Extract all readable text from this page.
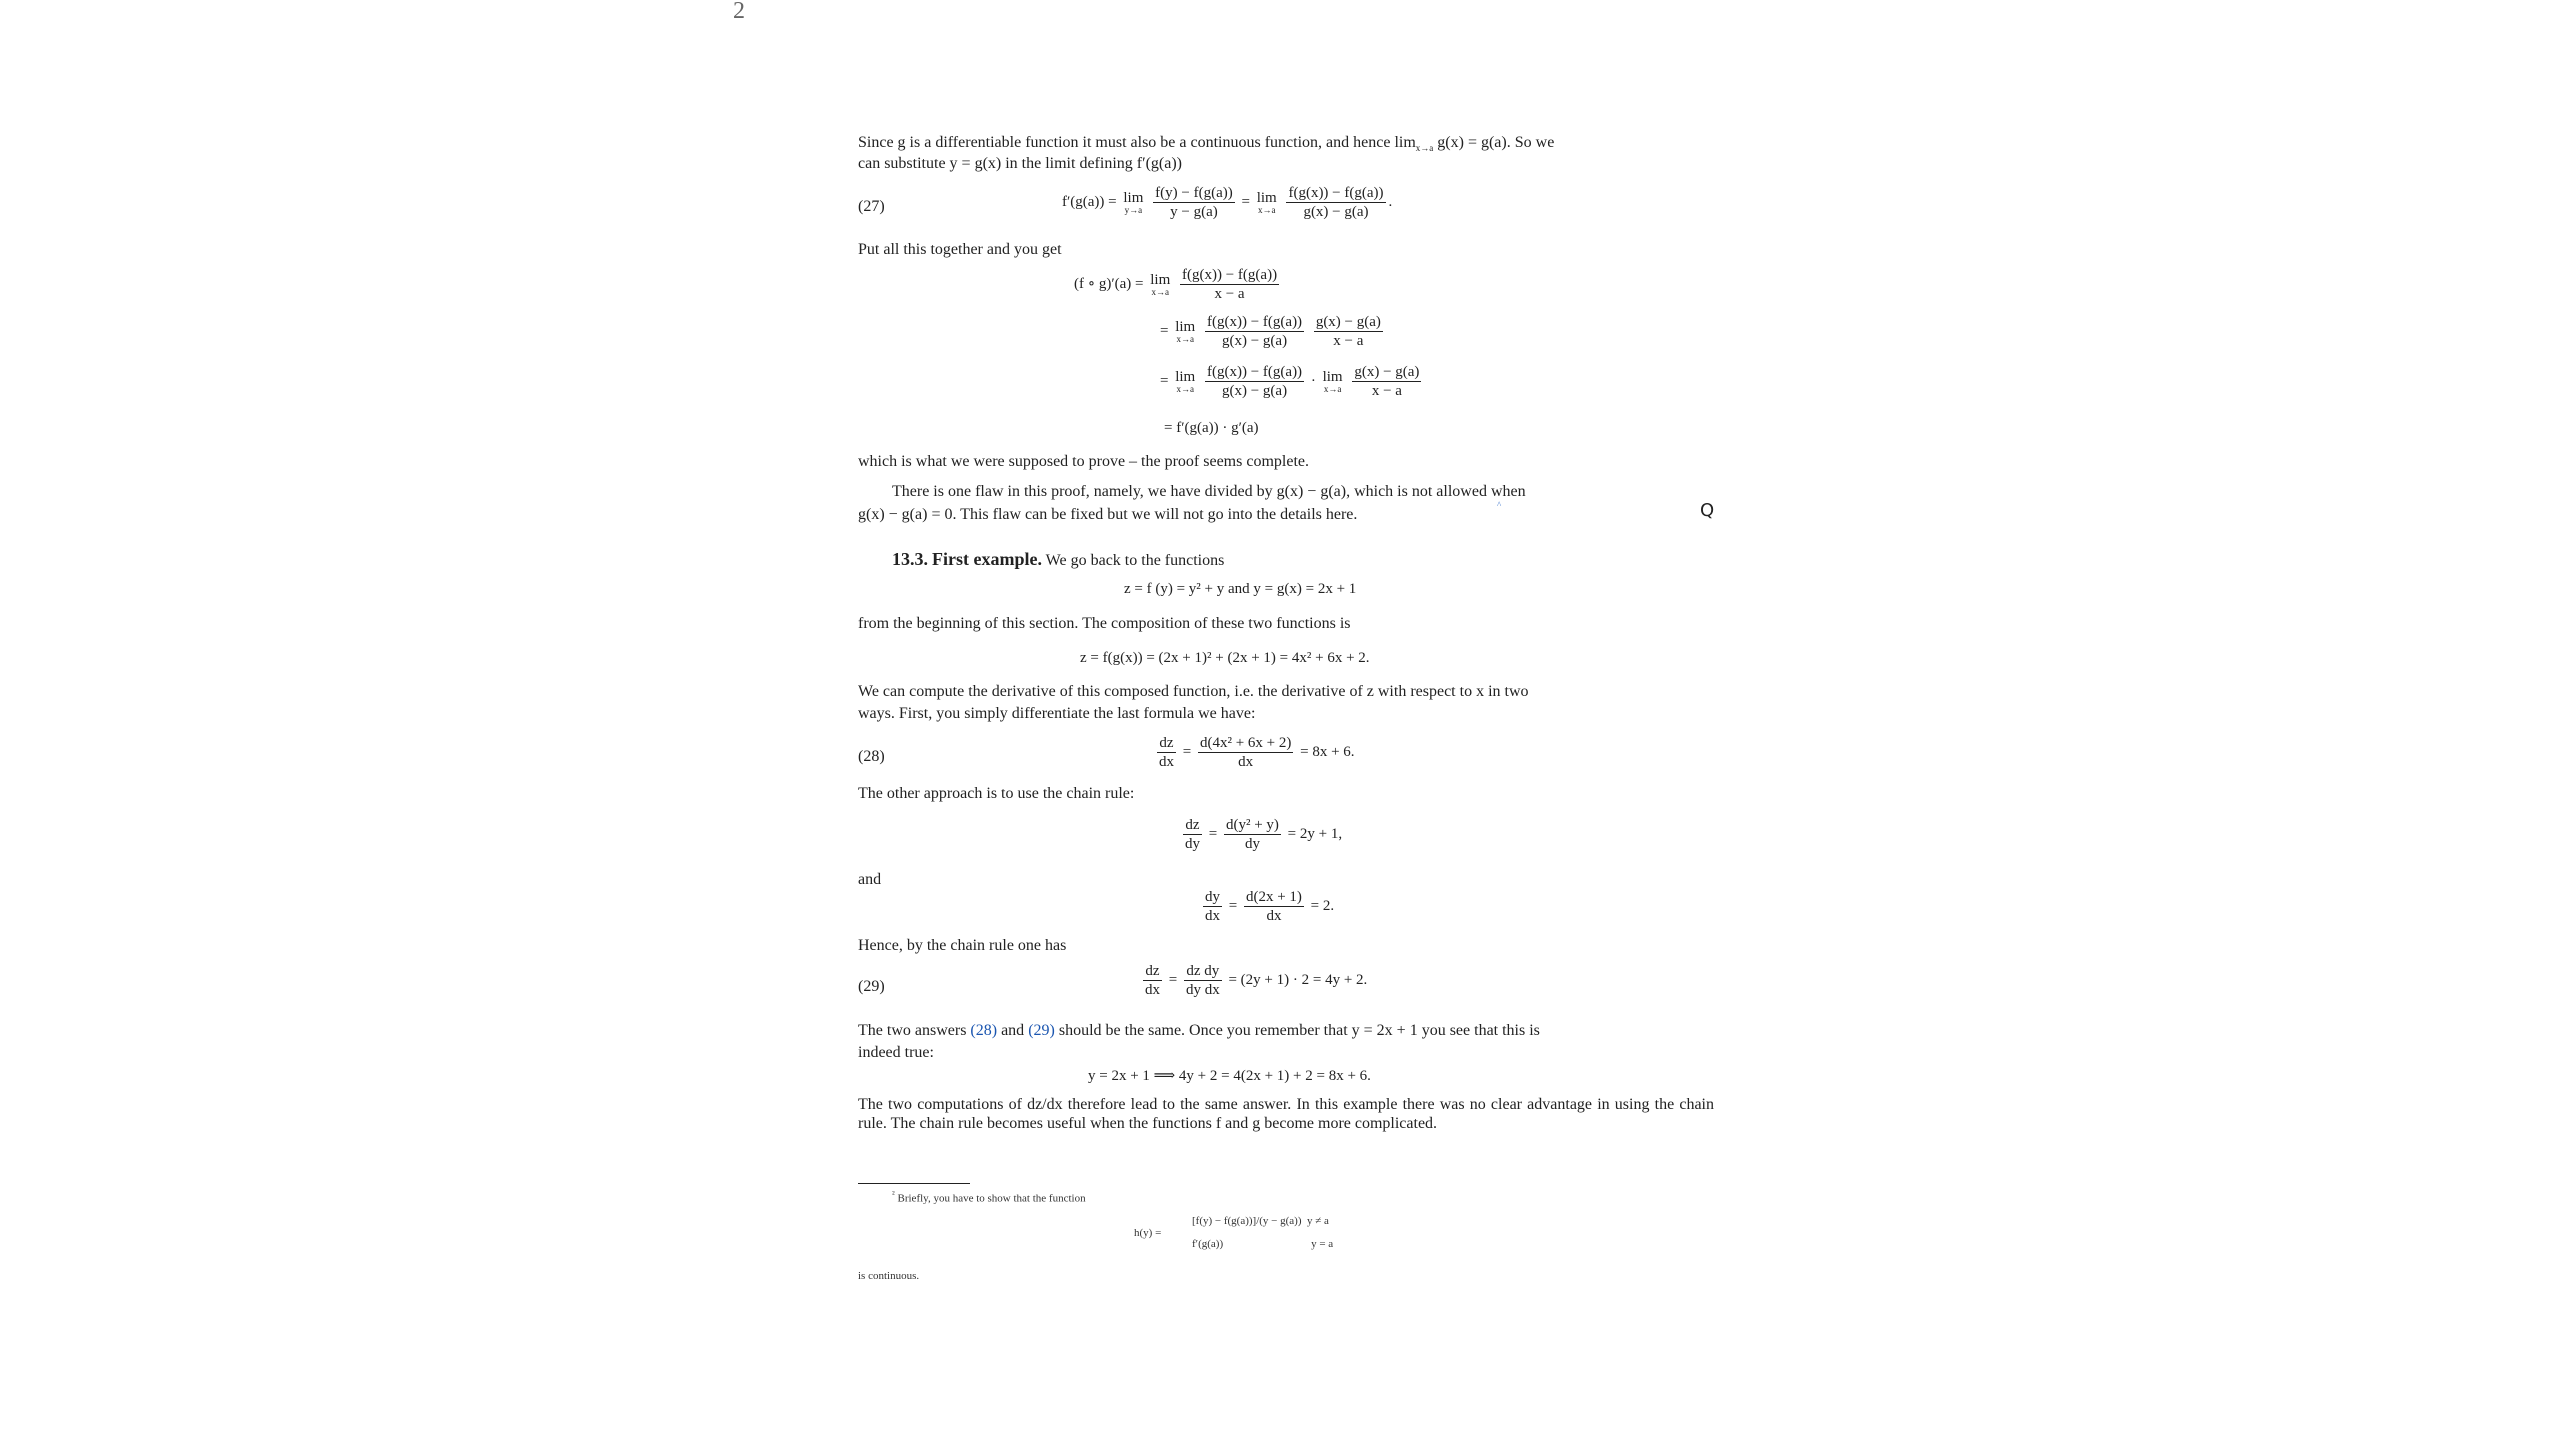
2
Since g is a differentiable function it must also be a continuous function, and hence $\lim_{x\to a} g(x) = g(a)$. So we
can substitute y = g(x) in the limit defining f′(g(a))
(27)	f′(g(a)) = lim
y→a
$\frac{f(y) - f(g(a))}{y - g(a)} = \lim$
x→a
$\frac{f(g(x)) - f(g(a))}{g(x) - g(a)}$ .
Put all this together and you get
(f ∘ g)′(a) = lim
x→a
$\frac{f(g(x)) - f(g(a))}{x - a}$
= lim
x→a
$\frac{f(g(x)) - f(g(a))}{g(x) - g(a)}$
$\frac{g(x) - g(a)}{x - a}$
= lim
x→a
$\frac{f(g(x)) - f(g(a))}{g(x) - g(a)} \cdot \lim$
x→a
$\frac{g(x) - g(a)}{x - a}$
= f′(g(a)) · g′(a)
which is what we were supposed to prove – the proof seems complete.
There is one flaw in this proof, namely, we have divided by g(x) − g(a), which is not allowed when
g(x) − g(a) = 0. This flaw can be fixed but we will not go into the details here.
^	Q
13.3. First example. We go back to the functions
z = f (y) = y² + y and y = g(x) = 2x + 1
from the beginning of this section. The composition of these two functions is
z = f(g(x)) = (2x + 1)² + (2x + 1) = 4x² + 6x + 2.
We can compute the derivative of this composed function, i.e. the derivative of z with respect to x in two
ways. First, you simply differentiate the last formula we have:
(28)	$\frac{dz}{dx} = \frac{\text{d(4x² + 6x + 2)}}{dx} = 8x + 6$.
The other approach is to use the chain rule:
$\frac{dz}{dy} = \frac{\text{d(y² + y)}}{dy} = 2y + 1$,
and
$\frac{dy}{dx} = \frac{d(2x + 1)}{dx} = 2$.
Hence, by the chain rule one has
(29)	$\frac{dz}{dx} = \frac{\text{dz dy}}{\text{dy dx}} = (2y + 1) \cdot 2 = 4y + 2$.
The two answers (28) and (29) should be the same. Once you remember that y = 2x + 1 you see that this is
indeed true:
y = 2x + 1 ⟹ 4y + 2 = 4(2x + 1) + 2 = 8x + 6.
The two computations of dz/dx therefore lead to the same answer. In this example there was no clear advantage in using the chain rule. The chain rule becomes useful when the functions f and g become more complicated.
$^{^2}$ Briefly, you have to show that the function
h(y) =
[f(y) − f(g(a))]/(y − g(a))  y ≠ a
f′(g(a))                                y = a
is continuous.
